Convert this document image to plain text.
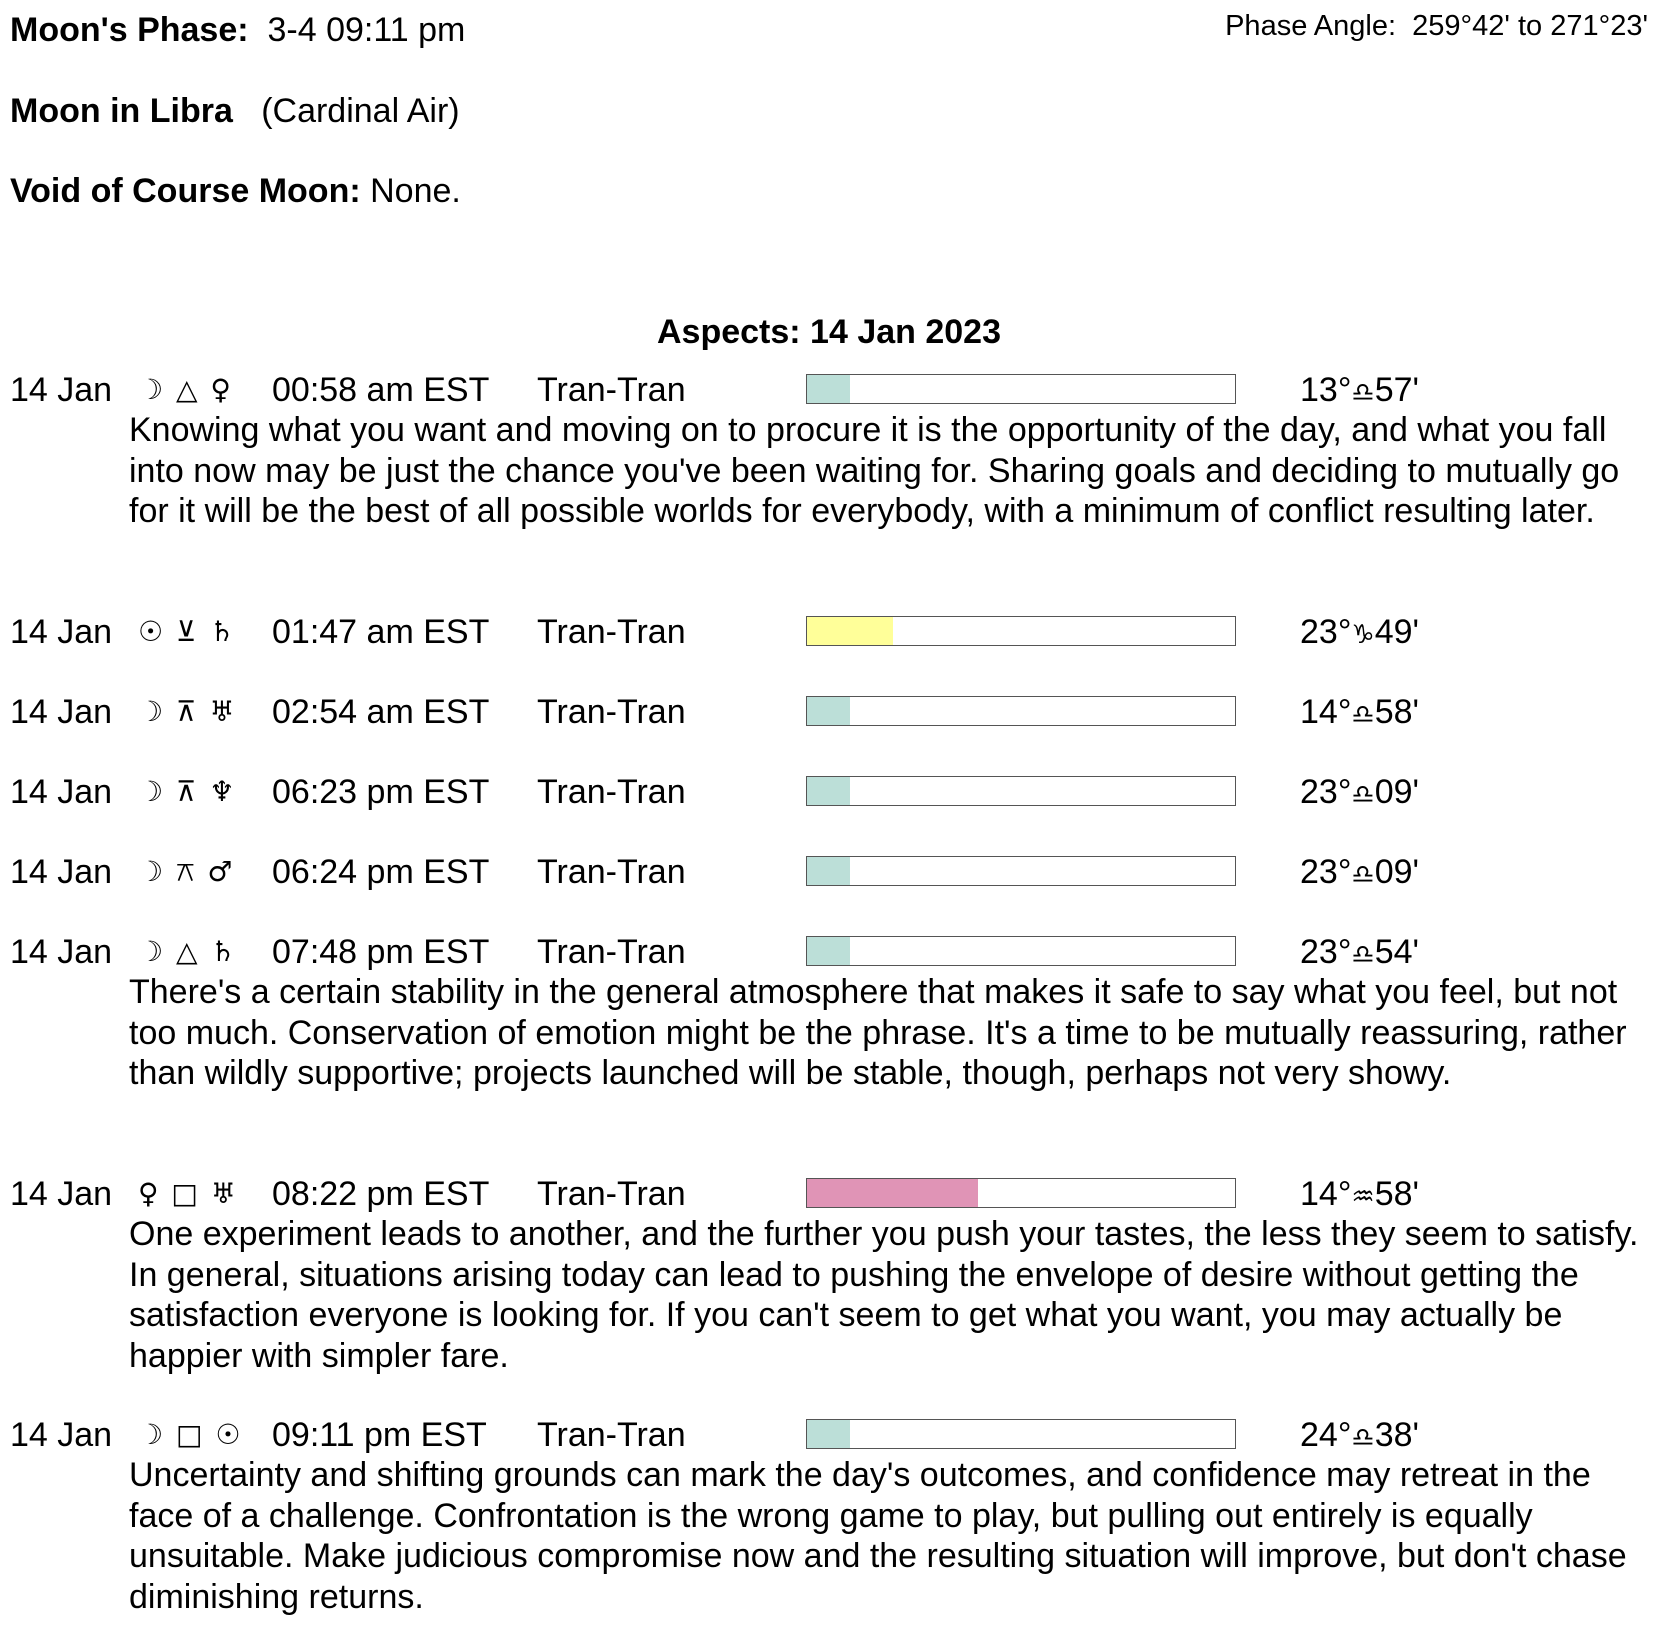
Moon's Phase: 3-4 09:11 pm	Phase Angle: 259°42' to 271°23'
Moon in Libra (Cardinal Air)
Void of Course Moon: None.
Aspects: 14 Jan 2023
14 Jan ☽ △ ♀ 00:58 am EST Tran-Tran	13°♎57'
Knowing what you want and moving on to procure it is the opportunity of the day, and what you fall into now may be just the chance you've been waiting for. Sharing goals and deciding to mutually go for it will be the best of all possible worlds for everybody, with a minimum of conflict resulting later.
14 Jan ☉ ⊻ ♄ 01:47 am EST Tran-Tran	23°♑49'
14 Jan ☽ ⊼ ♅ 02:54 am EST Tran-Tran	14°♎58'
14 Jan ☽ ⊼ ♆ 06:23 pm EST Tran-Tran	23°♎09'
14 Jan ☽ ⚻ ♂ 06:24 pm EST Tran-Tran	23°♎09'
14 Jan ☽ △ ♄ 07:48 pm EST Tran-Tran	23°♎54'
There's a certain stability in the general atmosphere that makes it safe to say what you feel, but not too much. Conservation of emotion might be the phrase. It's a time to be mutually reassuring, rather than wildly supportive; projects launched will be stable, though, perhaps not very showy.
14 Jan ♀ □ ♅ 08:22 pm EST Tran-Tran	14°♒58'
One experiment leads to another, and the further you push your tastes, the less they seem to satisfy. In general, situations arising today can lead to pushing the envelope of desire without getting the satisfaction everyone is looking for. If you can't seem to get what you want, you may actually be happier with simpler fare.
14 Jan ☽ □ ☉ 09:11 pm EST Tran-Tran	24°♎38'
Uncertainty and shifting grounds can mark the day's outcomes, and confidence may retreat in the face of a challenge. Confrontation is the wrong game to play, but pulling out entirely is equally unsuitable. Make judicious compromise now and the resulting situation will improve, but don't chase diminishing returns.
